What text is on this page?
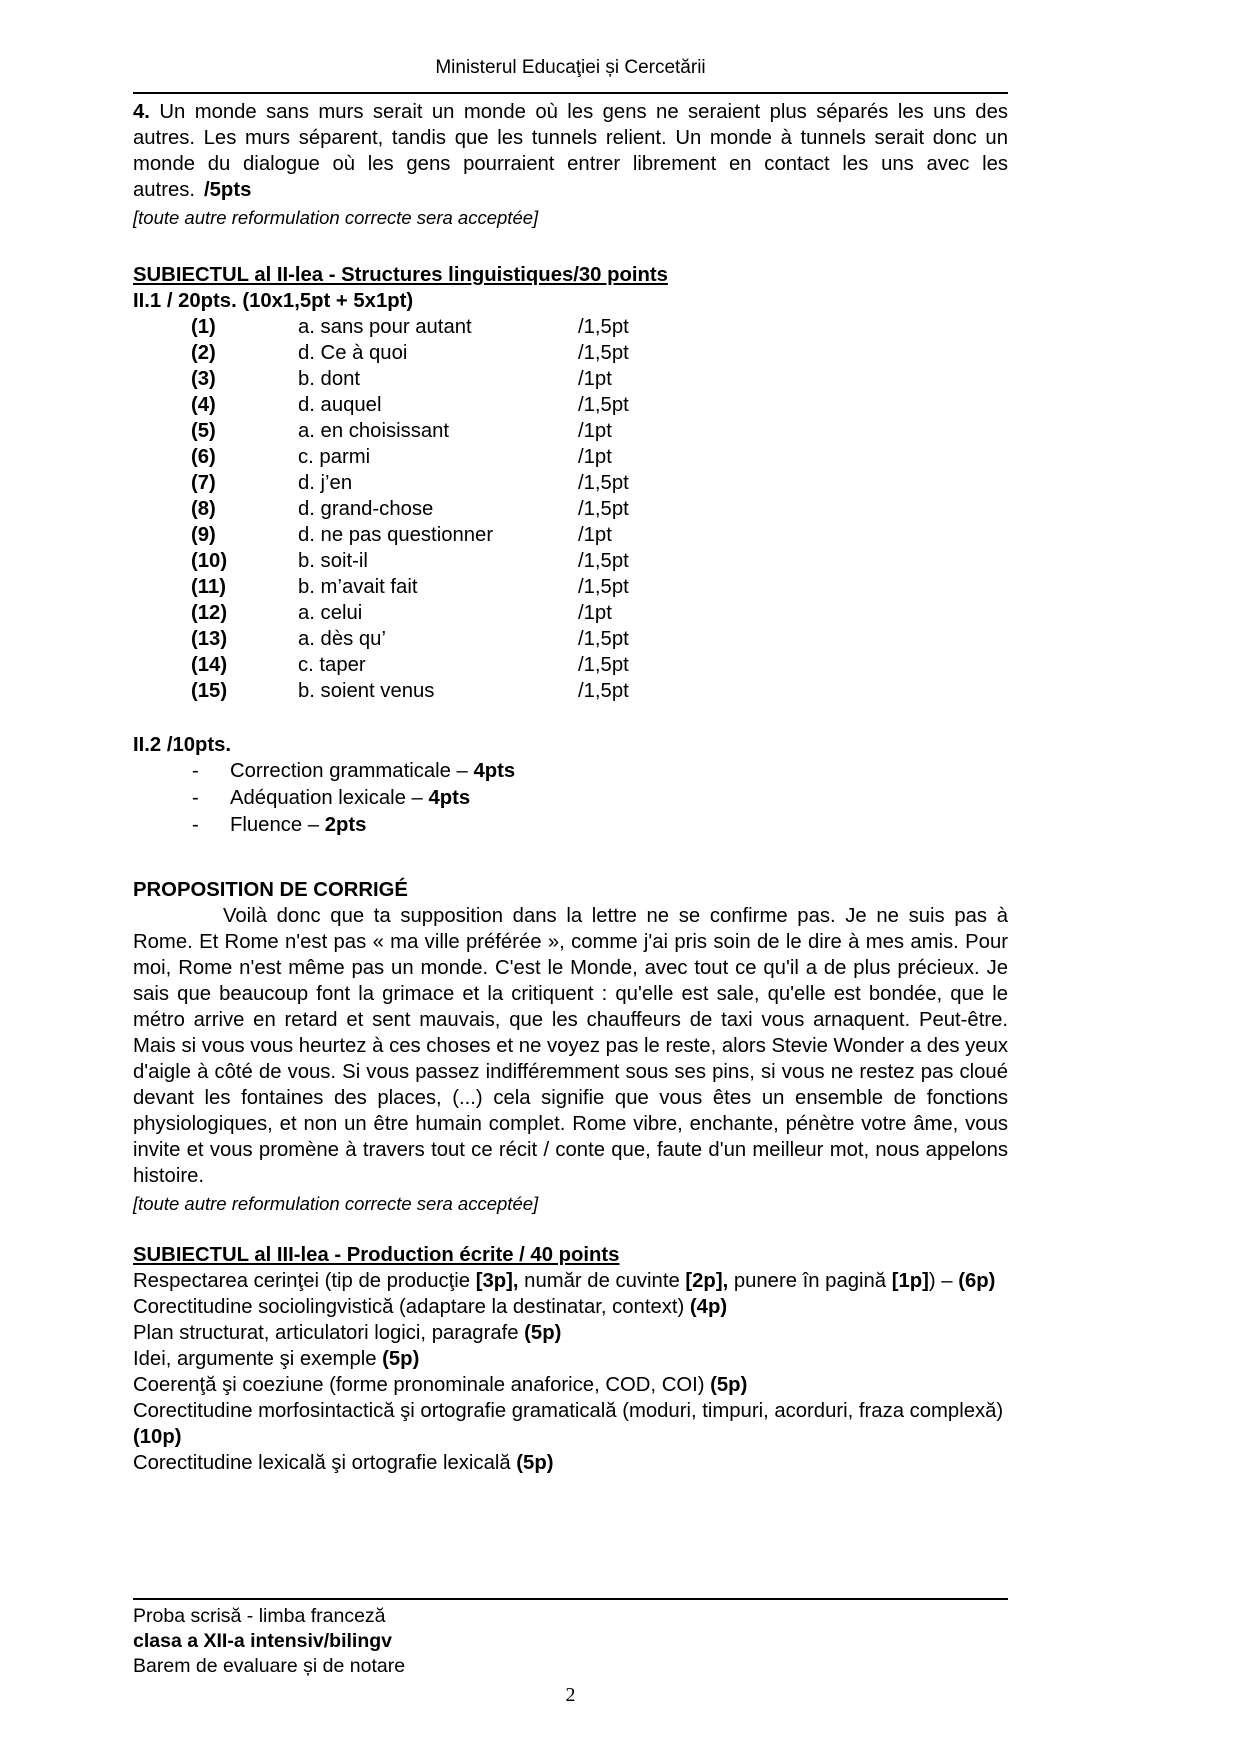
Ministerul Educaţiei și Cercetării
4. Un monde sans murs serait un monde où les gens ne seraient plus séparés les uns des autres. Les murs séparent, tandis que les tunnels relient. Un monde à tunnels serait donc un monde du dialogue où les gens pourraient entrer librement en contact les uns avec les autres. /5pts
[toute autre reformulation correcte sera acceptée]
SUBIECTUL al II-lea - Structures linguistiques/30 points
II.1 / 20pts. (10x1,5pt + 5x1pt)
(1)	a. sans pour autant	/1,5pt
(2)	d. Ce à quoi	/1,5pt
(3)	b. dont	/1pt
(4)	d. auquel	/1,5pt
(5)	a. en choisissant	/1pt
(6)	c. parmi	/1pt
(7)	d. j’en	/1,5pt
(8)	d. grand-chose	/1,5pt
(9)	d. ne pas questionner	/1pt
(10)	b. soit-il	/1,5pt
(11)	b. m’avait fait	/1,5pt
(12)	a. celui	/1pt
(13)	a. dès qu’	/1,5pt
(14)	c. taper	/1,5pt
(15)	b. soient venus	/1,5pt
II.2 /10pts.
-	Correction grammaticale – 4pts
-	Adéquation lexicale – 4pts
-	Fluence – 2pts
PROPOSITION DE CORRIGÉ
Voilà donc que ta supposition dans la lettre ne se confirme pas. Je ne suis pas à Rome. Et Rome n'est pas « ma ville préférée », comme j'ai pris soin de le dire à mes amis. Pour moi, Rome n'est même pas un monde. C'est le Monde, avec tout ce qu'il a de plus précieux. Je sais que beaucoup font la grimace et la critiquent : qu'elle est sale, qu'elle est bondée, que le métro arrive en retard et sent mauvais, que les chauffeurs de taxi vous arnaquent. Peut-être. Mais si vous vous heurtez à ces choses et ne voyez pas le reste, alors Stevie Wonder a des yeux d'aigle à côté de vous. Si vous passez indifféremment sous ses pins, si vous ne restez pas cloué devant les fontaines des places, (...) cela signifie que vous êtes un ensemble de fonctions physiologiques, et non un être humain complet. Rome vibre, enchante, pénètre votre âme, vous invite et vous promène à travers tout ce récit / conte que, faute d'un meilleur mot, nous appelons histoire.
[toute autre reformulation correcte sera acceptée]
SUBIECTUL al III-lea - Production écrite / 40 points
Respectarea cerinţei (tip de producţie [3p], număr de cuvinte [2p], punere în pagină [1p]) – (6p)
Corectitudine sociolingvistică (adaptare la destinatar, context) (4p)
Plan structurat, articulatori logici, paragrafe (5p)
Idei, argumente şi exemple (5p)
Coerenţă şi coeziune (forme pronominale anaforice, COD, COI) (5p)
Corectitudine morfosintactică şi ortografie gramaticală (moduri, timpuri, acorduri, fraza complexă)
(10p)
Corectitudine lexicală şi ortografie lexicală (5p)
Proba scrisă - limba franceză
clasa a XII-a intensiv/bilingv
Barem de evaluare și de notare
2
